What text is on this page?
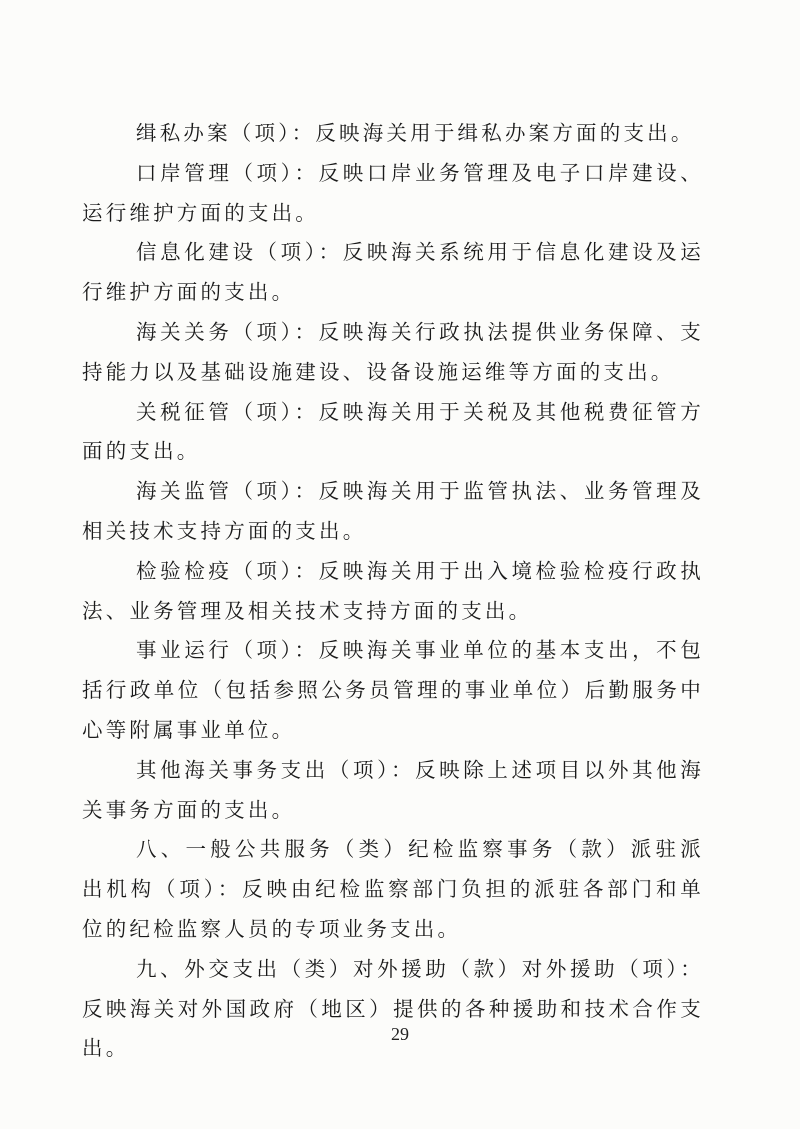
缉私办案（项）：反映海关用于缉私办案方面的支出。

口岸管理（项）：反映口岸业务管理及电子口岸建设、运行维护方面的支出。

信息化建设（项）：反映海关系统用于信息化建设及运行维护方面的支出。

海关关务（项）：反映海关行政执法提供业务保障、支持能力以及基础设施建设、设备设施运维等方面的支出。

关税征管（项）：反映海关用于关税及其他税费征管方面的支出。

海关监管（项）：反映海关用于监管执法、业务管理及相关技术支持方面的支出。

检验检疫（项）：反映海关用于出入境检验检疫行政执法、业务管理及相关技术支持方面的支出。

事业运行（项）：反映海关事业单位的基本支出，不包括行政单位（包括参照公务员管理的事业单位）后勤服务中心等附属事业单位。

其他海关事务支出（项）：反映除上述项目以外其他海 关事务方面的支出。

八、一般公共服务（类）纪检监察事务（款）派驻派出机构（项）：反映由纪检监察部门负担的派驻各部门和单位的纪检监察人员的专项业务支出。

九、外交支出（类）对外援助（款）对外援助（项）： 反映海关对外国政府（地区）提供的各种援助和技术合作支出。

29
